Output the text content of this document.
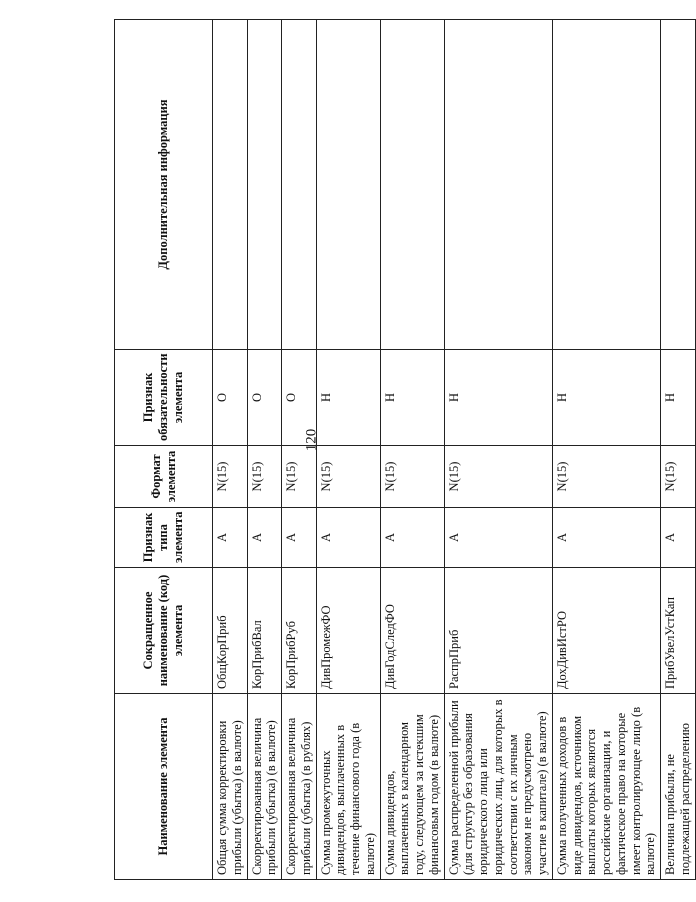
120
Наименование элемента	Сокращенное наименование (код) элемента	Признак типа элемента	Формат элемента	Признак обязательности элемента	Дополнительная информация
Общая сумма корректировки прибыли (убытка) (в валюте)	ОбщКорПриб	А	N(15)	О	
Скорректированная величина прибыли (убытка) (в валюте)	КорПрибВал	А	N(15)	О	
Скорректированная величина прибыли (убытка) (в рублях)	КорПрибРуб	А	N(15)	О	
Сумма промежуточных дивидендов, выплаченных в течение финансового года (в валюте)	ДивПромежФО	А	N(15)	Н	
Сумма дивидендов, выплаченных в календарном году, следующем за истекшим финансовым годом (в валюте)	ДивГодСледФО	А	N(15)	Н	
Сумма распределенной прибыли (для структур без образования юридического лица или юридических лиц, для которых в соответствии с их личным законом не предусмотрено участие в капитале) (в валюте)	РаспрПриб	А	N(15)	Н	
Сумма полученных доходов в виде дивидендов, источником выплаты которых являются российские организации, и фактическое право на которые имеет контролирующее лицо (в валюте)	ДохДивИстРО	А	N(15)	Н	
Величина прибыли, не подлежащей распределению	ПрибУвелУстКап	А	N(15)	Н	
